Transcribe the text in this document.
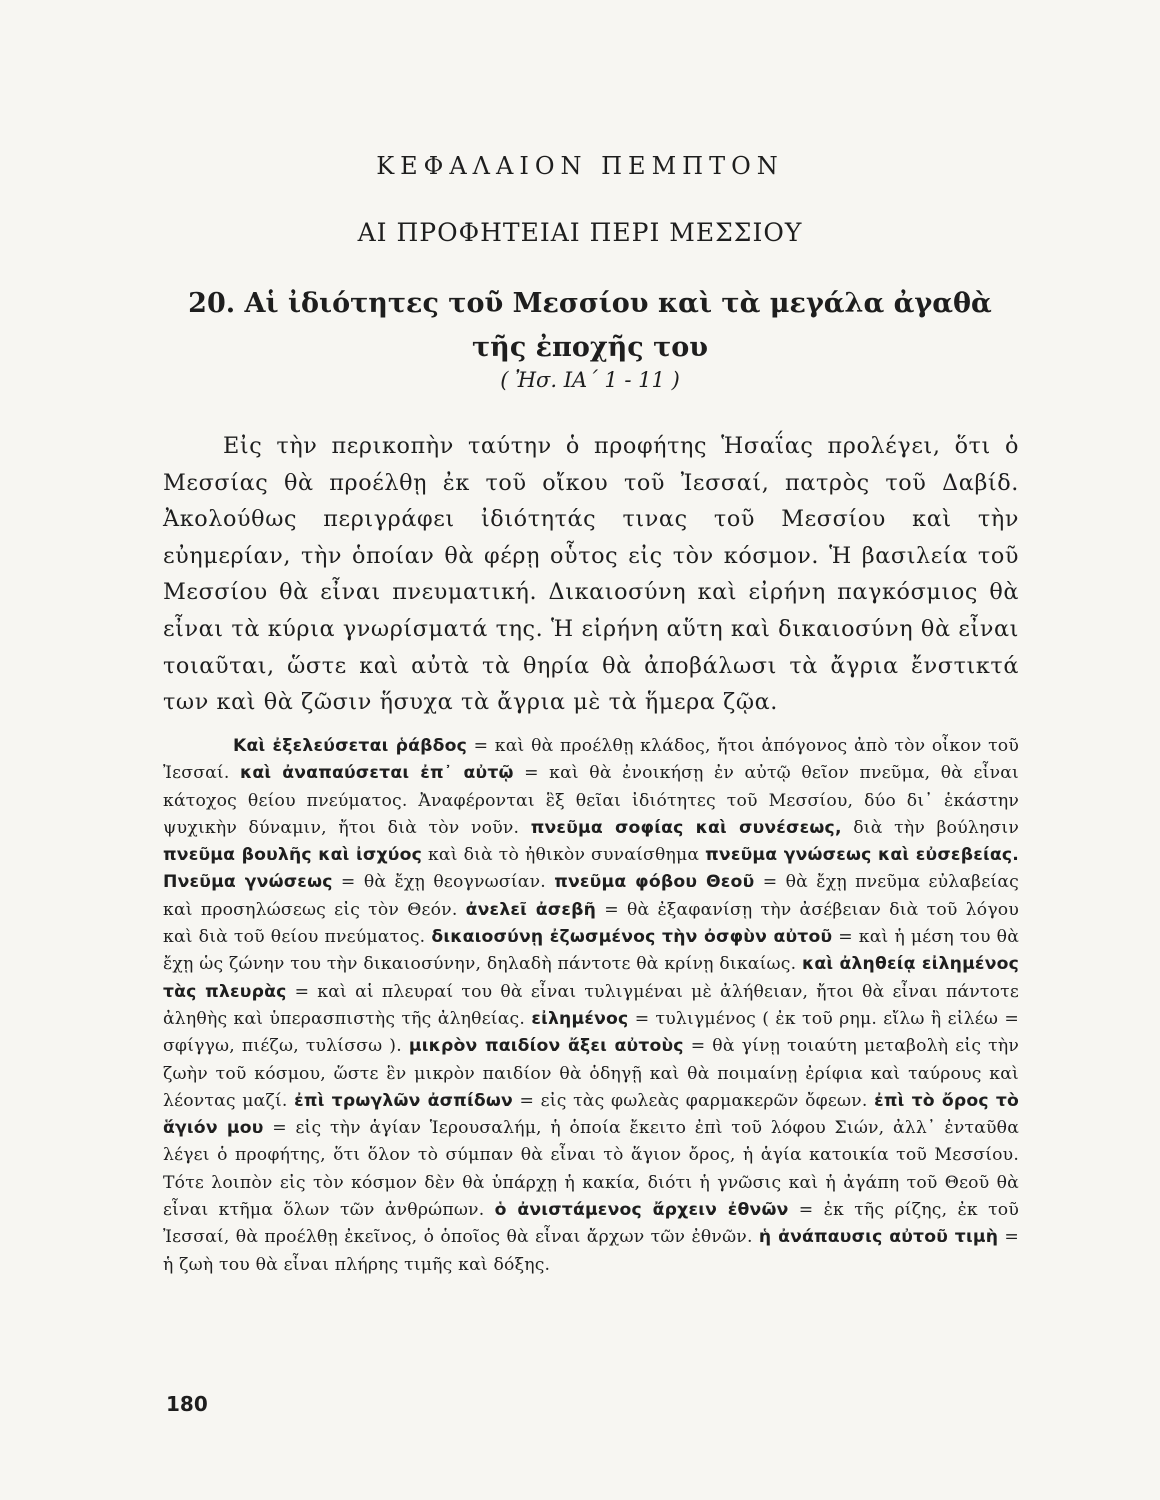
ΚΕΦΑΛΑΙΟΝ ΠΕΜΠΤΟΝ
ΑΙ ΠΡΟΦΗΤΕΙΑΙ ΠΕΡΙ ΜΕΣΣΙΟΥ
20. Αἱ ἰδιότητες τοῦ Μεσσίου καὶ τὰ μεγάλα ἀγαθὰ
τῆς ἐποχῆς του
( Ἠσ. ΙΑ΄ 1 - 11 )

Εἰς τὴν περικοπὴν ταύτην ὁ προφήτης Ἡσαΐας προλέγει, ὅτι ὁ Μεσσίας θὰ προέλθῃ ἐκ τοῦ οἴκου τοῦ Ἰεσσαί, πατρὸς τοῦ Δαβίδ. Ἀκολούθως περιγράφει ἰδιότητάς τινας τοῦ Μεσσίου καὶ τὴν εὐημερίαν, τὴν ὁποίαν θὰ φέρῃ οὗτος εἰς τὸν κόσμον. Ἡ βασιλεία τοῦ Μεσσίου θὰ εἶναι πνευματική. Δικαιοσύνη καὶ εἰρήνη παγκόσμιος θὰ εἶναι τὰ κύρια γνωρίσματά της. Ἡ εἰρήνη αὕτη καὶ δικαιοσύνη θὰ εἶναι τοιαῦται, ὥστε καὶ αὐτὰ τὰ θηρία θὰ ἀποβάλωσι τὰ ἄγρια ἔνστικτά των καὶ θὰ ζῶσιν ἥσυχα τὰ ἄγρια μὲ τὰ ἥμερα ζῷα.

Καὶ ἐξελεύσεται ῥάβδος = καὶ θὰ προέλθῃ κλάδος, ἤτοι ἀπόγονος ἀπὸ τὸν οἶκον τοῦ Ἰεσσαί. καὶ ἀναπαύσεται ἐπ᾽ αὐτῷ = καὶ θὰ ἐνοικήσῃ ἐν αὐτῷ θεῖον πνεῦμα, θὰ εἶναι κάτοχος θείου πνεύματος. Ἀναφέρονται ἓξ θεῖαι ἰδιότητες τοῦ Μεσσίου, δύο δι᾽ ἑκάστην ψυχικὴν δύναμιν, ἤτοι διὰ τὸν νοῦν. πνεῦμα σοφίας καὶ συνέσεως, διὰ τὴν βούλησιν πνεῦμα βουλῆς καὶ ἰσχύος καὶ διὰ τὸ ἠθικὸν συναίσθημα πνεῦμα γνώσεως καὶ εὐσεβείας. Πνεῦμα γνώσεως = θὰ ἔχῃ θεογνωσίαν. πνεῦμα φόβου Θεοῦ = θὰ ἔχῃ πνεῦμα εὐλαβείας καὶ προσηλώσεως εἰς τὸν Θεόν. ἀνελεῖ ἀσεβῆ = θὰ ἐξαφανίσῃ τὴν ἀσέβειαν διὰ τοῦ λόγου καὶ διὰ τοῦ θείου πνεύματος. δικαιοσύνῃ ἐζωσμένος τὴν ὀσφὺν αὐτοῦ = καὶ ἡ μέση του θὰ ἔχῃ ὡς ζώνην του τὴν δικαιοσύνην, δηλαδὴ πάντοτε θὰ κρίνῃ δικαίως. καὶ ἀληθείᾳ εἰλημένος τὰς πλευρὰς = καὶ αἱ πλευραί του θὰ εἶναι τυλιγμέναι μὲ ἀλήθειαν, ἤτοι θὰ εἶναι πάντοτε ἀληθὴς καὶ ὑπερασπιστὴς τῆς ἀληθείας. εἰλημένος = τυλιγμένος ( ἐκ τοῦ ρημ. εἴλω ἢ εἰλέω = σφίγγω, πιέζω, τυλίσσω ). μικρὸν παιδίον ἄξει αὐτοὺς = θὰ γίνῃ τοιαύτη μεταβολὴ εἰς τὴν ζωὴν τοῦ κόσμου, ὥστε ἓν μικρὸν παιδίον θὰ ὁδηγῇ καὶ θὰ ποιμαίνῃ ἐρίφια καὶ ταύρους καὶ λέοντας μαζί. ἐπὶ τρωγλῶν ἀσπίδων = εἰς τὰς φωλεὰς φαρμακερῶν ὄφεων. ἐπὶ τὸ ὄρος τὸ ἅγιόν μου = εἰς τὴν ἁγίαν Ἱερουσαλήμ, ἡ ὁποία ἔκειτο ἐπὶ τοῦ λόφου Σιών, ἀλλ᾽ ἐνταῦθα λέγει ὁ προφήτης, ὅτι ὅλον τὸ σύμπαν θὰ εἶναι τὸ ἅγιον ὄρος, ἡ ἁγία κατοικία τοῦ Μεσσίου. Τότε λοιπὸν εἰς τὸν κόσμον δὲν θὰ ὑπάρχῃ ἡ κακία, διότι ἡ γνῶσις καὶ ἡ ἀγάπη τοῦ Θεοῦ θὰ εἶναι κτῆμα ὅλων τῶν ἀνθρώπων. ὁ ἀνιστάμενος ἄρχειν ἐθνῶν = ἐκ τῆς ρίζης, ἐκ τοῦ Ἰεσσαί, θὰ προέλθῃ ἐκεῖνος, ὁ ὁποῖος θὰ εἶναι ἄρχων τῶν ἐθνῶν. ἡ ἀνάπαυσις αὐτοῦ τιμὴ = ἡ ζωὴ του θὰ εἶναι πλήρης τιμῆς καὶ δόξης.

180
